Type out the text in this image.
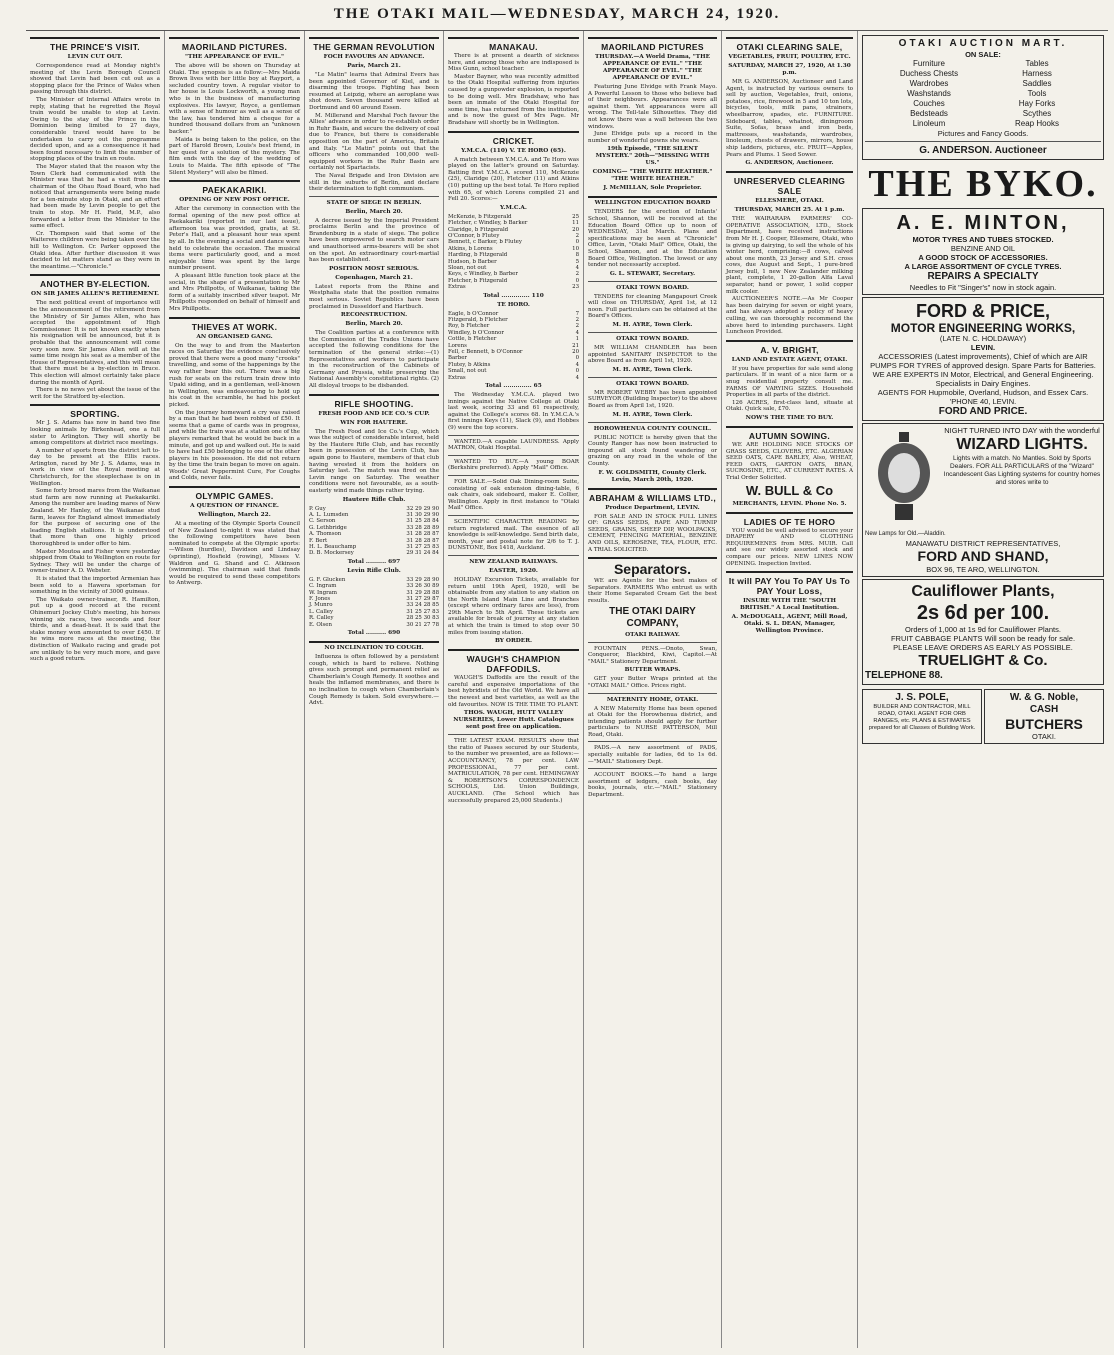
THE OTAKI MAIL—WEDNESDAY, MARCH 24, 1920.
THE PRINCE'S VISIT.
LEVIN CUT OUT.

Correspondence read at Monday night's meeting of the Levin Borough Council showed that Levin had been cut out as a stopping place for the Prince of Wales when passing through this district.

The Minister of Internal Affairs wrote in reply, stating that he regretted the Royal train would be unable to stop at Levin. Owing to the stay of the Prince in the Dominion being limited to 27 days, considerable travel would have to be undertaken to carry out the programme decided upon, and as a consequence it had been found necessary to limit the number of stopping places of the train en route.

The Mayor stated that the reason why the Town Clerk had communicated with the Minister was that he had a visit from the chairman of the Ohau Road Board, who had noticed that arrangements were being made for a ten-minute stop in Otaki, and an effort had been made by Levin people to get the train to stop. Mr H. Field, M.P., also forwarded a letter from the Minister to the same effect.

Cr. Thompson said that some of the Waiterere children were being taken over the hill to Wellington. Cr. Parker opposed the Otaki idea. After further discussion it was decided to let matters stand as they were in the meantime.—"Chronicle."

ANOTHER BY-ELECTION.
ON SIR JAMES ALLEN'S RETIREMENT.

The next political event of importance will be the announcement of the retirement from the Ministry of Sir James Allen, who has accepted the appointment of High Commissioner. It is not known exactly when his resignation will be announced, but it is probable that the announcement will come very soon now. Sir James Allen will at the same time resign his seat as a member of the House of Representatives, and this will mean that there must be a by-election in Bruce. This election will almost certainly take place during the month of April.

There is no news yet about the issue of the writ for the Stratford by-election.

SPORTING.

Mr J. S. Adams has now in hand two fine looking animals by Birkenhead, one a full sister to Arlington. They will shortly be among competitors at district race meetings.

A number of sports from the district left to-day to be present at the Ellis races. Arlington, raced by Mr J. S. Adams, was in work in view of the Royal meeting at Christchurch, for the steeplechase is on in Wellington.

Some forty brood mares from the Waikanae stud farm are now running at Paekakariki. Among the number are leading mares of New Zealand. Mr Hanley, of the Waikanae stud farm, leaves for England almost immediately for the purpose of securing one of the leading English stallions. It is understood that more than one highly priced thoroughbred is under offer to him.

Master Moutoa and Fisher were yesterday shipped from Otaki to Wellington en route for Sydney. They will be under the charge of owner-trainer A. D. Webster.

It is stated that the imported Armenian has been sold to a Hawera sportsman for something in the vicinity of 3000 guineas.

The Waikato owner-trainer, R. Hamilton, put up a good record at the recent Ohinemuri Jockey Club's meeting, his horses winning six races, two seconds and four thirds, and a dead-heat. It is said that the stake money won amounted to over £450. If he wins more races at the meeting, the distinction of Waikato racing and grade pot are unlikely to be very much more, and gave such a good return.

MAORILAND PICTURES.
"THE APPEARANCE OF EVIL."

The above will be shown on Thursday at Otaki. The synopsis is as follow:—Mrs Maida Brown lives with her little boy at Rayport, a secluded country town. A regular visitor to her house is Louis Lockworth, a young man who is in the business of manufacturing explosives. His lawyer, Royce, a gentleman with a sense of humour as well as a sense of the law, has tendered him a cheque for a hundred thousand dollars from an "unknown backer."

Maida is being taken to the police, on the part of Harold Brown, Louis's best friend, in her quest for a solution of the mystery. The film ends with the day of the wedding of Louis to Maida. The fifth episode of "The Silent Mystery" will also be filmed.

PAEKAKARIKI.
OPENING OF NEW POST OFFICE.

After the ceremony in connection with the formal opening of the new post office at Paekakariki (reported in our last issue), afternoon tea was provided, gratis, at St. Peter's Hall, and a pleasant hour was spent by all. In the evening a social and dance were held to celebrate the occasion. The musical items were particularly good, and a most enjoyable time was spent by the large number present.

A pleasant little function took place at the social, in the shape of a presentation to Mr and Mrs Phillpotts, of Waikanae, taking the form of a suitably inscribed silver teapot. Mr Phillpotts responded on behalf of himself and Mrs Phillpotts.

THIEVES AT WORK.
AN ORGANISED GANG.

On the way to and from the Masterton races on Saturday the evidence conclusively proved that there were a good many "crooks" travelling, and some of the happenings by the way rather bear this out. There was a big rush for seats on the return train drew into Upaki siding, and in a gentleman, well-known in Wellington, was endeavouring to hold up his coat in the scramble, he had his pocket picked.

On the journey homeward a cry was raised by a man that he had been robbed of £50. It seems that a game of cards was in progress, and while the train was at a station one of the players remarked that he would be back in a minute, and got up and walked out. He is said to have had £50 belonging to one of the other players in his possession. He did not return by the time the train began to move on again. Woods' Great Peppermint Cure, For Coughs and Colds, never fails.

OLYMPIC GAMES.
A QUESTION OF FINANCE.
Wellington, March 22.

At a meeting of the Olympic Sports Council of New Zealand to-night it was stated that the following competitors have been nominated to compete at the Olympic sports:—Wilson (hurdles), Davidson and Lindsay (sprinting), Hosfield (rowing), Misses V. Waldron and G. Shand and C. Atkinson (swimming). The chairman said that funds would be required to send these competitors to Antwerp.

THE GERMAN REVOLUTION
FOCH FAVOURS AN ADVANCE.
Paris, March 21.

"Le Matin" learns that Admiral Evers has been appointed Governor of Kiel, and is disarming the troops. Fighting has been resumed at Leipzig, where an aeroplane was shot down. Seven thousand were killed at Dortmund and 60 around Essen.

M. Millerand and Marshal Foch favour the Allies' advance in order to re-establish order in Ruhr Basin, and secure the delivery of coal due to France, but there is considerable opposition on the part of America, Britain and Italy. "Le Matin" points out that the officers who commanded 100,000 well-equipped workers in the Ruhr Basin are certainly not Spartacists.

The Naval Brigade and Iron Division are still in the suburbs of Berlin, and declare their determination to fight communism.

STATE OF SIEGE IN BERLIN.
Berlin, March 20.

A decree issued by the Imperial President proclaims Berlin and the province of Brandenburg in a state of siege. The police have been empowered to search motor cars and unauthorised arms-bearers will be shot on the spot. An extraordinary court-martial has been established.

POSITION MOST SERIOUS.
Copenhagen, March 21.

Latest reports from the Rhine and Westphalia state that the position remains most serious. Soviet Republics have been proclaimed in Dusseldorf and Hartbuch.

RECONSTRUCTION.
Berlin, March 20.

The Coalition parties at a conference with the Commission of the Trades Unions have accepted the following conditions for the termination of the general strike:—(1) Representatives and workers to participate in the reconstruction of the Cabinets of Germany and Prussia, while preserving the National Assembly's constitutional rights. (2) All disloyal troops to be disbanded.

RIFLE SHOOTING.
FRESH FOOD AND ICE CO.'S CUP.
WIN FOR HAUTERE.

The Fresh Food and Ice Co.'s Cup, which was the subject of considerable interest, held by the Hautere Rifle Club, and has recently been in possession of the Levin Club, has again gone to Hautere, members of that club having wrested it from the holders on Saturday last. The match was fired on the Levin range on Saturday. The weather conditions were not favourable, as a south-easterly wind made things rather trying.

Hautere Rifle Club.
P. Guy	32 29 29 90
A. L. Lumsden	31 30 29 90
C. Serson	31 25 28 84
G. Lethbridge	33 28 28 89
A. Thomson	31 28 28 87
F. Bert	31 28 28 87
H. L. Beauchamp	31 27 25 83
D. B. Mockersey	29 31 24 84
Total .......... 697
Levin Rifle Club.
G. F. Glucken	33 29 28 90
C. Ingram	33 26 30 89
W. Ingram	31 29 28 88
F. Jones	31 27 29 87
J. Munro	33 24 28 85
L. Calley	31 25 27 83
R. Calley	28 25 30 83
E. Olsen	30 21 27 78
Total .......... 690
NO INCLINATION TO COUGH.

Influenza is often followed by a persistent cough, which is hard to relieve. Nothing gives such prompt and permanent relief as Chamberlain's Cough Remedy. It soothes and heals the inflamed membranes, and there is no inclination to cough when Chamberlain's Cough Remedy is taken. Sold everywhere.—Advt.

MANAKAU.

There is at present a dearth of sickness here, and among those who are indisposed is Miss Gunn, school teacher.

Master Bayner, who was recently admitted to the Otaki Hospital suffering from injuries caused by a gunpowder explosion, is reported to be doing well. Mrs Bradshaw, who has been an inmate of the Otaki Hospital for some time, has returned from the institution, and is now the guest of Mrs Page. Mr Bradshaw will shortly be in Wellington.

CRICKET.
Y.M.C.A. (110) V. TE HORO (65).

A match between Y.M.C.A. and Te Horo was played on the latter's ground on Saturday. Batting first Y.M.C.A. scored 110, McKenzie (25), Claridge (20), Fletcher (11) and Atkins (10) putting up the best total. Te Horo replied with 65, of which Lorens compiled 21 and Fell 20. Scores:—

Y.M.C.A.
McKenzie, b Fitzgerald	25
Fletcher, c Windley, b Barker	11
Claridge, b Fitzgerald	20
O'Connor, b Flutey	2
Bennett, c Barker, b Flutey	0
Atkins, b Lorens	10
Harding, b Fitzgerald	8
Hudson, b Barber	5
Sloan, not out	4
Keys, c Windley, b Barber	2
Fletcher, b Fitzgerald	0
Extras	23
Total .............. 110
TE HORO.
Eagle, b O'Connor	7
Fitzgerald, b Fletcher	2
Roy, b Fletcher	2
Windley, b O'Connor	4
Cottle, b Fletcher	1
Lorens	21
Fell, c Bennett, b O'Connor	20
Barber	0
Flutey, b Atkins	4
Small, not out	0
Extras	4
Total .............. 65

The Wednesday Y.M.C.A. played two innings against the Native College at Otaki last week, scoring 33 and 61 respectively, against the College's scores 68. In Y.M.C.A.'s first innings Keys (11), Slack (9), and Hobbes (9) were the top scorers.

WANTED.—A capable LAUNDRESS. Apply MATRON, Otaki Hospital.

WANTED TO BUY.—A young BOAR (Berkshire preferred). Apply "Mail" Office.

FOR SALE.—Solid Oak Dining-room Suite, consisting of oak extension dining-table, 6 oak chairs, oak sideboard, maker E. Collier, Wellington. Apply in first instance to "Otaki Mail" Office.

SCIENTIFIC CHARACTER READING by return registered mail. The essence of all knowledge is self-knowledge. Send birth date, month, year and postal note for 2/6 to T. J. DUNSTONE, Box 1418, Auckland.

NEW ZEALAND RAILWAYS.
EASTER, 1920.

HOLIDAY Excursion Tickets, available for return until 19th April, 1920, will be obtainable from any station to any station on the North Island Main Line and Branches (except where ordinary fares are less), from 29th March to 5th April. These tickets are available for break of journey at any station at which the train is timed to stop over 50 miles from issuing station.

BY ORDER.
WAUGH'S CHAMPION DAFFODILS.

WAUGH'S Daffodils are the result of the careful and expensive importations of the best hybridists of the Old World. We have all the newest and best varieties, as well as the old favourites. NOW IS THE TIME TO PLANT.

THOS. WAUGH, HUTT VALLEY NURSERIES, Lower Hutt. Catalogues sent post free on application.

THE LATEST EXAM. RESULTS show that the ratio of Passes secured by our Students, to the number we presented, are as follows:—ACCOUNTANCY, 78 per cent. LAW PROFESSIONAL, 77 per cent. MATRICULATION, 78 per cent. HEMINGWAY & ROBERTSON'S CORRESPONDENCE SCHOOLS, Ltd. Union Buildings, AUCKLAND. (The School which has successfully prepared 25,000 Students.)

MAORILAND PICTURES
THURSDAY.—A World Drama, "THE APPEARANCE OF EVIL." "THE APPEARANCE OF EVIL." "THE APPEARANCE OF EVIL."

Featuring June Elvidge with Frank Mayo. A Powerful Lesson to those who believe bad of their neighbours. Appearances were all against them. Yet appearances were all wrong. The Tell-tale Silhouettes. They did not know there was a wall between the two windows.

June Elvidge puts up a record in the number of wonderful gowns she wears.

19th Episode, "THE SILENT MYSTERY." 20th—"MISSING WITH US."
COMING— "THE WHITE HEATHER." "THE WHITE HEATHER."
J. McMILLAN, Sole Proprietor.
WELLINGTON EDUCATION BOARD

TENDERS for the erection of Infants' School, Shannon, will be received at the Education Board Office up to noon of WEDNESDAY, 31st March. Plans and specifications may be seen at "Chronicle" Office, Levin, "Otaki Mail" Office, Otaki, the School, Shannon, and at the Education Board Office, Wellington. The lowest or any tender not necessarily accepted.

G. L. STEWART, Secretary.
OTAKI TOWN BOARD.

TENDERS for cleaning Mangapouri Creek will close on THURSDAY, April 1st, at 12 noon. Full particulars can be obtained at the Board's Offices.

M. H. AYRE, Town Clerk.
OTAKI TOWN BOARD.

MR WILLIAM CHANDLER has been appointed SANITARY INSPECTOR to the above Board as from April 1st, 1920.

M. H. AYRE, Town Clerk.
OTAKI TOWN BOARD.

MR ROBERT WEBBY has been appointed SURVEYOR (Building Inspector) to the above Board as from April 1st, 1920.

M. H. AYRE, Town Clerk.
HOROWHENUA COUNTY COUNCIL.

PUBLIC NOTICE is hereby given that the County Ranger has now been instructed to impound all stock found wandering or grazing on any road in the whole of the County.

F. W. GOLDSMITH, County Clerk. Levin, March 20th, 1920.
ABRAHAM & WILLIAMS LTD.,
Produce Department, LEVIN.

FOR SALE AND IN STOCK FULL LINES OF: GRASS SEEDS, RAPE AND TURNIP SEEDS, GRAINS, SHEEP DIP, WOOLPACKS, CEMENT, FENCING MATERIAL, BENZINE AND OILS, KEROSENE, TEA, FLOUR, ETC. A TRIAL SOLICITED.

Separators.

WE are Agents for the best makes of Separators. FARMERS Who entrust us with their Home Separated Cream Get the best results.

THE OTAKI DAIRY COMPANY,
OTAKI RAILWAY.

FOUNTAIN PENS.—Onoto, Swan, Conqueror, Blackbird, Kiwi, Capitol.—At "MAIL" Stationery Department.

BUTTER WRAPS.

GET your Butter Wraps printed at the "OTAKI MAIL" Office. Prices right.

MATERNITY HOME, OTAKI.

A NEW Maternity Home has been opened at Otaki for the Horowhenua district, and intending patients should apply for further particulars to NURSE PATTERSON, Mill Road, Otaki.

PADS.—A new assortment of PADS, specially suitable for ladies, 6d to 1s 6d.—"MAIL" Stationery Dept.

ACCOUNT BOOKS.—To hand a large assortment of ledgers, cash books, day books, journals, etc.—"MAIL" Stationery Department.

OTAKI CLEARING SALE,
VEGETABLES, FRUIT, POULTRY, ETC.
SATURDAY, MARCH 27, 1920, At 1.30 p.m.

MR G. ANDERSON, Auctioneer and Land Agent, is instructed by various owners to sell by auction, Vegetables, fruit, onions, potatoes, rice, firewood in 5 and 10 ton lots, bicycles, tools, milk pans, strainers, wheelbarrow, spades, etc. FURNITURE. Sideboard, tables, whatnot, diningroom Suite, Sofas, brass and iron beds, mattresses, washstands, wardrobes, linoleum, chests of drawers, mirrors, house ship ladders, pictures, etc. FRUIT—Apples, Pears and Plums. 1 Seed Sower.

G. ANDERSON, Auctioneer.
UNRESERVED CLEARING SALE
ELLESMERE, OTAKI.
THURSDAY, MARCH 25. At 1 p.m.

THE WAIRARAPA FARMERS' CO-OPERATIVE ASSOCIATION, LTD., Stock Department, have received instructions from Mr H. J. Cooper, Ellesmere, Otaki, who is giving up dairying, to sell the whole of his winter herd, comprising:—8 cows, calved about one month, 23 Jersey and S.H. cross cows, due August and Sept., 1 pure-bred Jersey bull, 1 new New Zealander milking plant, complete, 1 20-gallon Alfa Laval separator, hand or power, 1 solid copper milk cooler.

AUCTIONEER'S NOTE.—As Mr Cooper has been dairying for seven or eight years, and has always adopted a policy of heavy culling, we can thoroughly recommend the above herd to intending purchasers. Light Luncheon Provided.

A. V. BRIGHT,
LAND AND ESTATE AGENT, OTAKI.

If you have properties for sale send along particulars. If in want of a nice farm or a snug residential property consult me. FARMS OF VARYING SIZES. Household Properties in all parts of the district.

126 ACRES, first-class land, situate at Otaki. Quick sale, £70.

NOW'S THE TIME TO BUY.
AUTUMN SOWING.

WE ARE HOLDING NICE STOCKS OF GRASS SEEDS, CLOVERS, ETC. ALGERIAN SEED OATS, CAPE BARLEY, Also, WHEAT, FEED OATS, GARTON OATS, BRAN, SUCROSINE, ETC., AT CURRENT RATES. A Trial Order Solicited.

W. BULL & Co
MERCHANTS, LEVIN. Phone No. 5.
LADIES OF TE HORO

YOU would be well advised to secure your DRAPERY AND CLOTHING REQUIREMENES from MRS. MUIR. Call and see our widely assorted stock and compare our prices. NEW LINES NOW OPENING. Inspection Invited.

It will PAY You To PAY Us To PAY Your Loss,
INSURE WITH THE "SOUTH BRITISH." A Local Institution.
A. McDOUGALL, AGENT, Mill Road, Otaki. S. L. DEAN, Manager, Wellington Province.
OTAKI AUCTION MART.
ON SALE:
Furniture	Tables
Duchess Chests	Harness
Wardrobes	Saddles
Washstands	Tools
Couches	Hay Forks
Bedsteads	Scythes
Linoleum	Reap Hooks
Pictures and Fancy Goods.
G. ANDERSON. Auctioneer
THE BYKO.
A. E. MINTON,
MOTOR TYRES AND TUBES STOCKED.
BENZINE AND OIL
A GOOD STOCK OF ACCESSORIES.
A LARGE ASSORTMENT OF CYCLE TYRES.
REPAIRS A SPECIALTY
Needles to Fit "Singer's" now in stock again.
FORD & PRICE,
MOTOR ENGINEERING WORKS,
(LATE N. C. HOLDAWAY)
LEVIN.
ACCESSORIES (Latest improvements), Chief of which are AIR PUMPS FOR TYRES of approved design. Spare Parts for Batteries.
WE ARE EXPERTS IN Motor, Electrical, and General Engineering. Specialists in Dairy Engines.
AGENTS FOR Hupmobile, Overland, Hudson, and Essex Cars.
'PHONE 40, LEVIN.
FORD AND PRICE.
NIGHT TURNED INTO DAY with the wonderful
WIZARD LIGHTS.
Lights with a match. No Mantles. Sold by Sports Dealers. FOR ALL PARTICULARS of the "Wizard" Incandescent Gas Lighting systems for country homes and stores write to
New Lamps for Old.—Aladdin.
MANAWATU DISTRICT REPRESENTATIVES,
FORD AND SHAND,
BOX 96, TE ARO, WELLINGTON.
Cauliflower Plants,
2s 6d per 100.
Orders of 1,000 at 1s 9d for Cauliflower Plants.
FRUIT CABBAGE PLANTS Will soon be ready for sale.
PLEASE LEAVE ORDERS AS EARLY AS POSSIBLE.
TRUELIGHT & Co.
TELEPHONE 88.
J. S. POLE,
BUILDER AND CONTRACTOR, MILL ROAD, OTAKI. AGENT FOR ORB RANGES, etc. PLANS & ESTIMATES prepared for all Classes of Building Work.
W. & G. Noble,
CASH
BUTCHERS
OTAKI.
